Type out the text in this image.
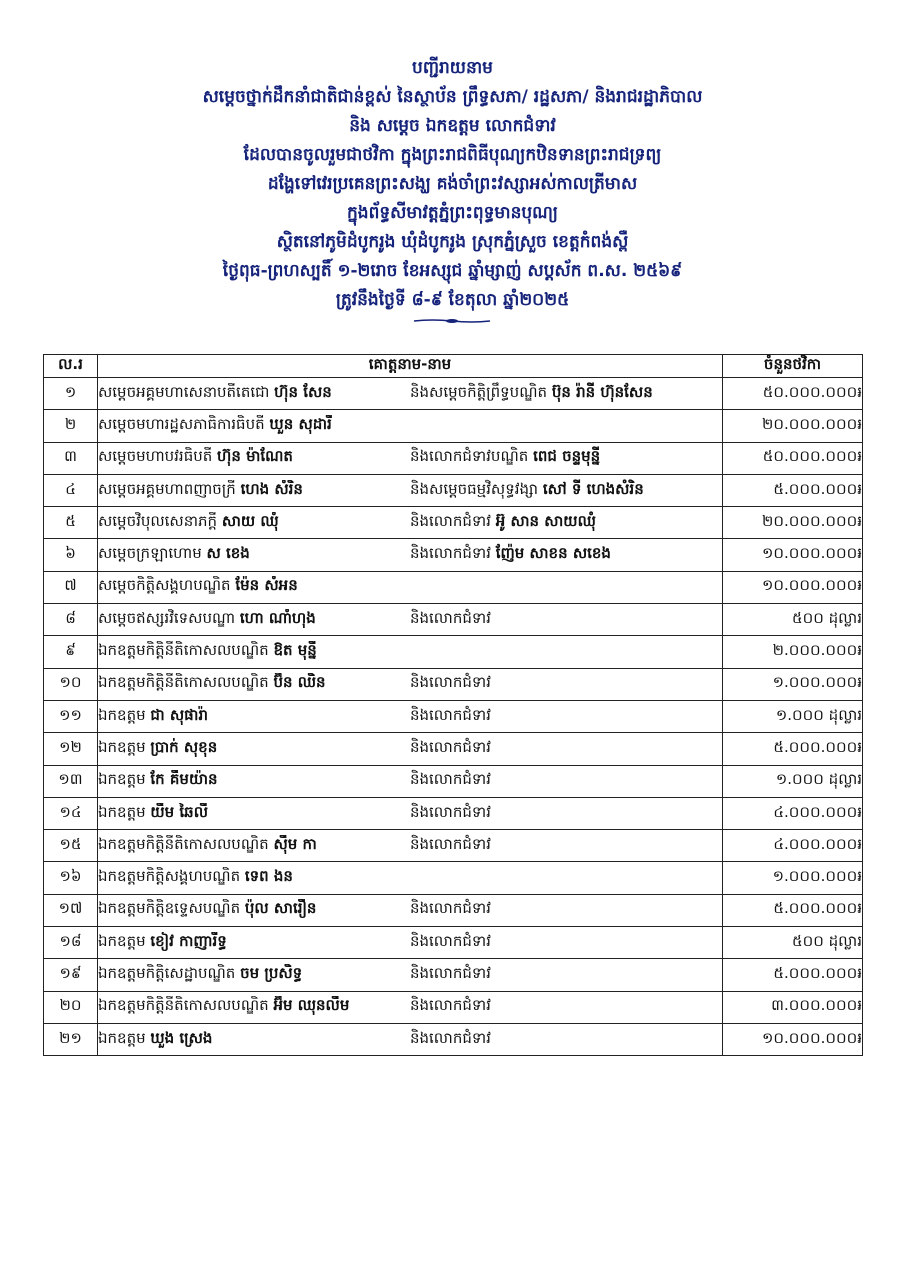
បញ្ជីរាយនាម
សម្តេចថ្នាក់ដឹកនាំជាតិជាន់ខ្ពស់ នៃស្ថាប័ន ព្រឹទ្ធសភា/ រដ្ឋសភា/ និងរាជរដ្ឋាភិបាល
និង សម្តេច ឯកឧត្តម លោកជំទាវ
ដែលបានចូលរួមជាថវិកា ក្នុងព្រះរាជពិធីបុណ្យកឋិនទានព្រះរាជទ្រព្យ
ដង្ហែទៅវេរប្រគេនព្រះសង្ឃ គង់ចាំព្រះវស្សាអស់កាលត្រីមាស
ក្នុងព័ទ្ធសីមាវត្តភ្នំព្រះពុទ្ធមានបុណ្យ
ស្ថិតនៅភូមិដំបូករូង ឃុំដំបូករូង ស្រុកភ្នំស្រួច ខេត្តកំពង់ស្ពឺ
ថ្ងៃពុធ-ព្រហស្បតិ៍ ១-២រោច ខែអស្សុជ ឆ្នាំម្សាញ់ សប្តស័ក ព.ស. ២៥៦៩
ត្រូវនឹងថ្ងៃទី ៨-៩ ខែតុលា ឆ្នាំ២០២៥
ល.រ	គោត្តនាម-នាម	ចំនួនថវិកា
១	សម្តេចអគ្គមហាសេនាបតីតេជោ ហ៊ុន សែន និងសម្តេចកិត្តិព្រឹទ្ធបណ្ឌិត ប៊ុន រ៉ានី ហ៊ុនសែន	៥០.០០០.០០០៛
២	សម្តេចមហារដ្ឋសភាធិការធិបតី ឃួន សុដារី	២០.០០០.០០០៛
៣	សម្តេចមហាបវរធិបតី ហ៊ុន ម៉ាណែត និងលោកជំទាវបណ្ឌិត ពេជ ចន្ទមុន្នី	៥០.០០០.០០០៛
៤	សម្តេចអគ្គមហាពញាចក្រី ហេង សំរិន និងសម្តេចធម្មវិសុទ្ធវង្សា សៅ ទី ហេងសំរិន	៥.០០០.០០០៛
៥	សម្តេចវិបុលសេនាភក្តី សាយ ឈុំ និងលោកជំទាវ អ៊ូ សាន សាយឈុំ	២០.០០០.០០០៛
៦	សម្តេចក្រឡាហោម ស ខេង និងលោកជំទាវ ញ៉ែម សាខន សខេង	១០.០០០.០០០៛
៧	សម្តេចកិត្តិសង្គហបណ្ឌិត ម៉ែន សំអន	១០.០០០.០០០៛
៨	សម្តេចឥស្សរវិទេសបណ្ឌា ហោ ណាំហុង និងលោកជំទាវ	៥០០ ដុល្លារ
៩	ឯកឧត្តមកិត្តិនីតិកោសលបណ្ឌិត ឱត មុន្នី	២.០០០.០០០៛
១០	ឯកឧត្តមកិត្តិនីតិកោសលបណ្ឌិត ប៊ិន ឈិន និងលោកជំទាវ	១.០០០.០០០៛
១១	ឯកឧត្តម ជា សុផារ៉ា និងលោកជំទាវ	១.០០០ ដុល្លារ
១២	ឯកឧត្តម ប្រាក់ សុខុន និងលោកជំទាវ	៥.០០០.០០០៛
១៣	ឯកឧត្តម កែ គឹមយ៉ាន និងលោកជំទាវ	១.០០០ ដុល្លារ
១៤	ឯកឧត្តម យឹម ឆៃលី និងលោកជំទាវ	៤.០០០.០០០៛
១៥	ឯកឧត្តមកិត្តិនីតិកោសលបណ្ឌិត ស៊ឹម កា និងលោកជំទាវ	៤.០០០.០០០៛
១៦	ឯកឧត្តមកិត្តិសង្គហបណ្ឌិត ទេព ងន	១.០០០.០០០៛
១៧	ឯកឧត្តមកិត្តិឧទ្ទេសបណ្ឌិត ប៉ុល សារឿន និងលោកជំទាវ	៥.០០០.០០០៛
១៨	ឯកឧត្តម ខៀវ កាញារីទ្ធ និងលោកជំទាវ	៥០០ ដុល្លារ
១៩	ឯកឧត្តមកិត្តិសេដ្ឋាបណ្ឌិត ចម ប្រសិទ្ធ និងលោកជំទាវ	៥.០០០.០០០៛
២០	ឯកឧត្តមកិត្តិនីតិកោសលបណ្ឌិត អ៊ឹម ឈុនលឹម និងលោកជំទាវ	៣.០០០.០០០៛
២១	ឯកឧត្តម ឃួង ស្រេង និងលោកជំទាវ	១០.០០០.០០០៛
